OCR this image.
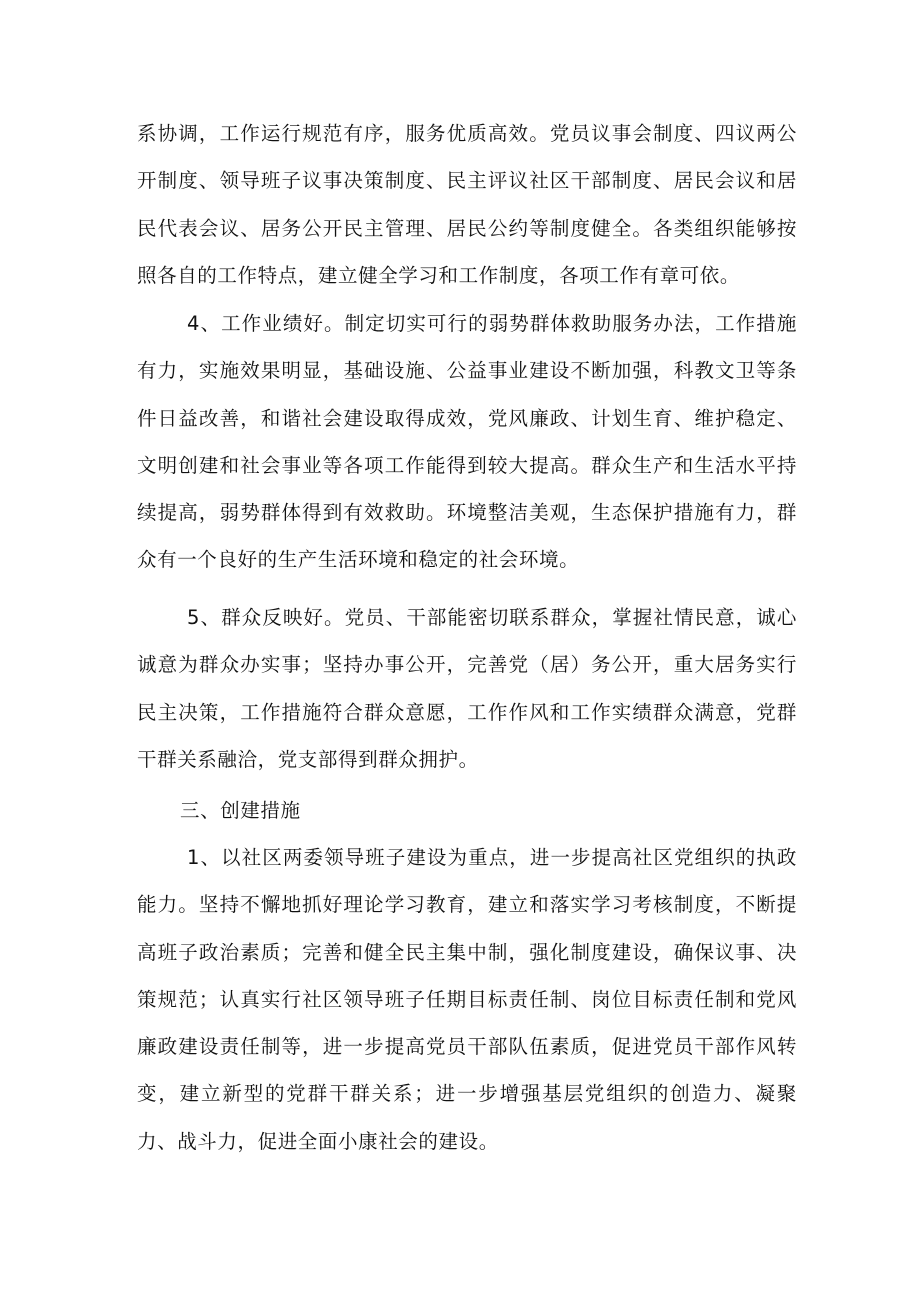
系协调，工作运行规范有序，服务优质高效。党员议事会制度、四议两公开制度、领导班子议事决策制度、民主评议社区干部制度、居民会议和居民代表会议、居务公开民主管理、居民公约等制度健全。各类组织能够按照各自的工作特点，建立健全学习和工作制度，各项工作有章可依。

4、工作业绩好。制定切实可行的弱势群体救助服务办法，工作措施有力，实施效果明显，基础设施、公益事业建设不断加强，科教文卫等条件日益改善，和谐社会建设取得成效，党风廉政、计划生育、维护稳定、文明创建和社会事业等各项工作能得到较大提高。群众生产和生活水平持续提高，弱势群体得到有效救助。环境整洁美观，生态保护措施有力，群众有一个良好的生产生活环境和稳定的社会环境。

5、群众反映好。党员、干部能密切联系群众，掌握社情民意，诚心诚意为群众办实事；坚持办事公开，完善党（居）务公开，重大居务实行民主决策，工作措施符合群众意愿，工作作风和工作实绩群众满意，党群干群关系融洽，党支部得到群众拥护。

三、创建措施

1、以社区两委领导班子建设为重点，进一步提高社区党组织的执政能力。坚持不懈地抓好理论学习教育，建立和落实学习考核制度，不断提高班子政治素质；完善和健全民主集中制，强化制度建设，确保议事、决策规范；认真实行社区领导班子任期目标责任制、岗位目标责任制和党风廉政建设责任制等，进一步提高党员干部队伍素质，促进党员干部作风转变，建立新型的党群干群关系；进一步增强基层党组织的创造力、凝聚力、战斗力，促进全面小康社会的建设。
